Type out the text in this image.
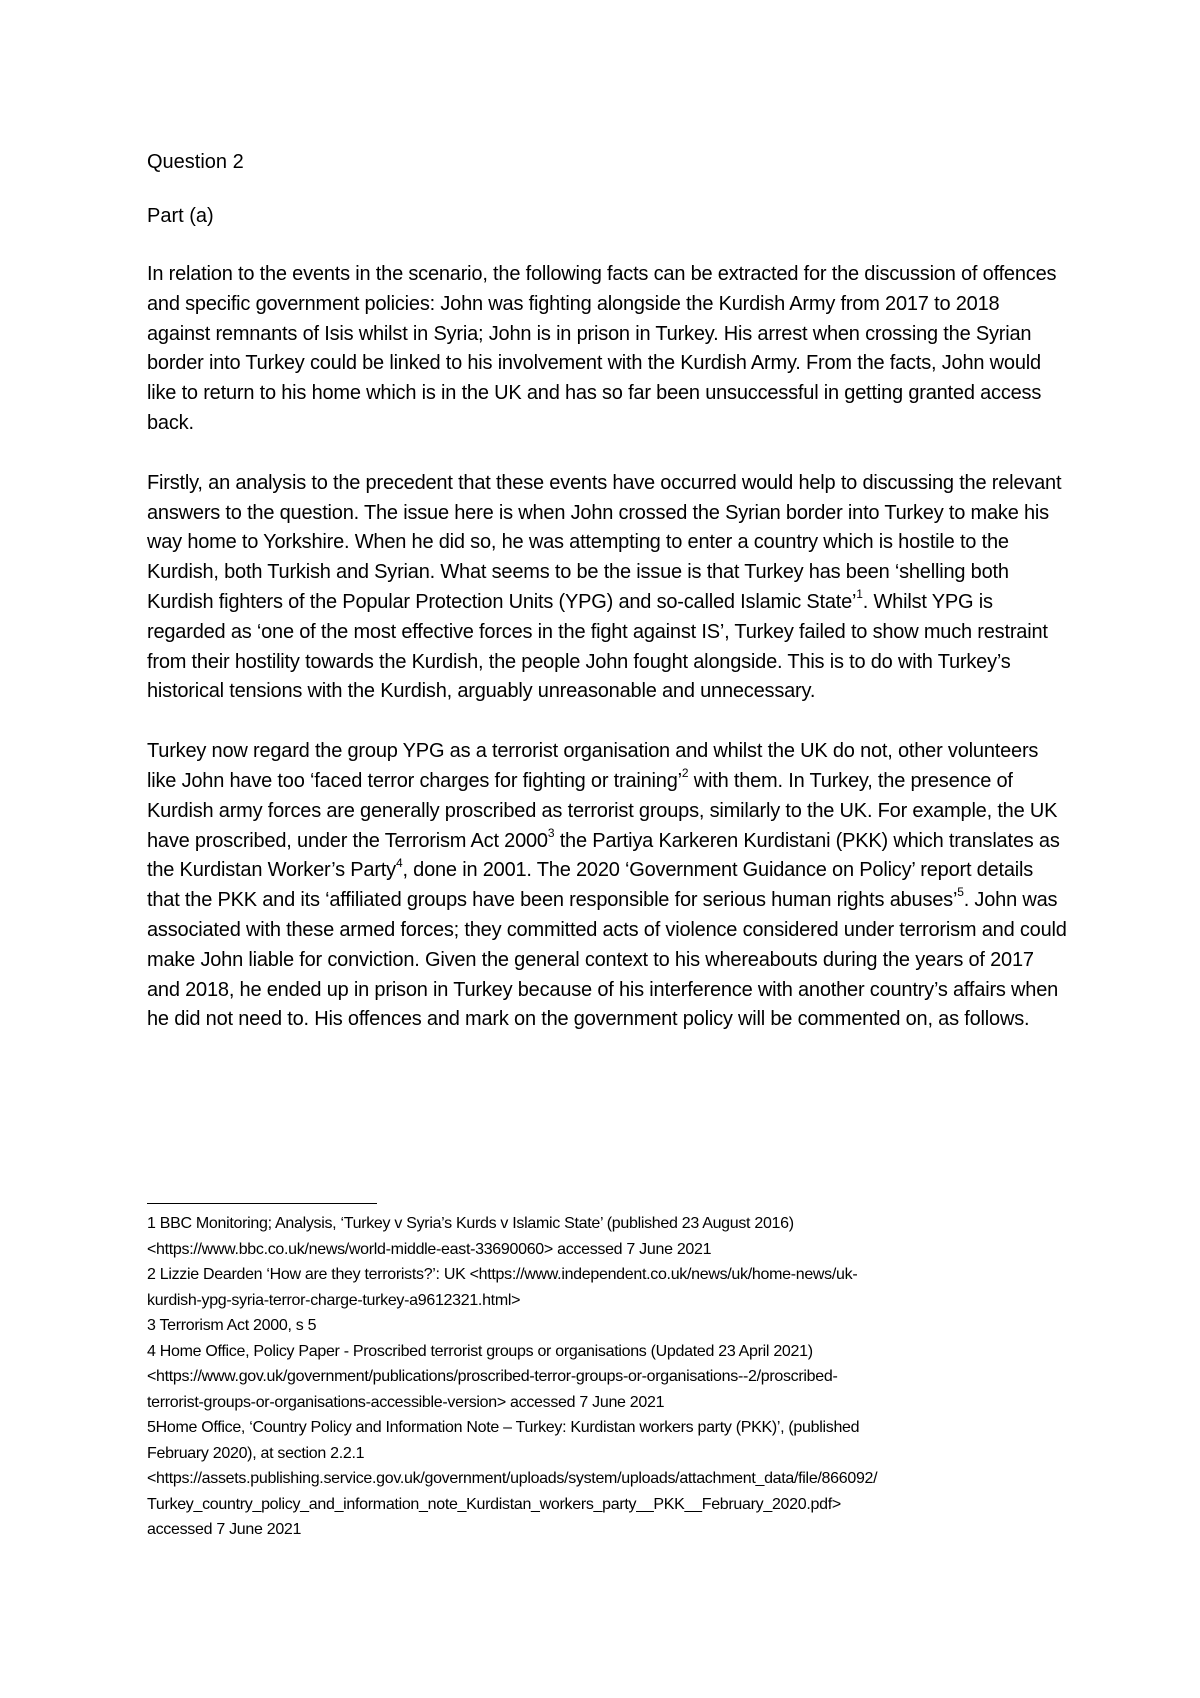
Question 2

Part (a)

In relation to the events in the scenario, the following facts can be extracted for the discussion of offences and specific government policies: John was fighting alongside the Kurdish Army from 2017 to 2018 against remnants of Isis whilst in Syria; John is in prison in Turkey. His arrest when crossing the Syrian border into Turkey could be linked to his involvement with the Kurdish Army. From the facts, John would like to return to his home which is in the UK and has so far been unsuccessful in getting granted access back.

Firstly, an analysis to the precedent that these events have occurred would help to discussing the relevant answers to the question. The issue here is when John crossed the Syrian border into Turkey to make his way home to Yorkshire. When he did so, he was attempting to enter a country which is hostile to the Kurdish, both Turkish and Syrian. What seems to be the issue is that Turkey has been ‘shelling both Kurdish fighters of the Popular Protection Units (YPG) and so-called Islamic State’$^1$. Whilst YPG is regarded as ‘one of the most effective forces in the fight against IS’, Turkey failed to show much restraint from their hostility towards the Kurdish, the people John fought alongside. This is to do with Turkey’s historical tensions with the Kurdish, arguably unreasonable and unnecessary.

Turkey now regard the group YPG as a terrorist organisation and whilst the UK do not, other volunteers like John have too ‘faced terror charges for fighting or training’$^2$ with them. In Turkey, the presence of Kurdish army forces are generally proscribed as terrorist groups, similarly to the UK. For example, the UK have proscribed, under the Terrorism Act 2000$^3$ the Partiya Karkeren Kurdistani (PKK) which translates as the Kurdistan Worker’s Party$^4$, done in 2001. The 2020 ‘Government Guidance on Policy’ report details that the PKK and its ‘affiliated groups have been responsible for serious human rights abuses’$^5$. John was associated with these armed forces; they committed acts of violence considered under terrorism and could make John liable for conviction. Given the general context to his whereabouts during the years of 2017 and 2018, he ended up in prison in Turkey because of his interference with another country’s affairs when he did not need to. His offences and mark on the government policy will be commented on, as follows.

1 BBC Monitoring; Analysis, ‘Turkey v Syria’s Kurds v Islamic State’ (published 23 August 2016)

<https://www.bbc.co.uk/news/world-middle-east-33690060> accessed 7 June 2021

2 Lizzie Dearden ‘How are they terrorists?’: UK <https://www.independent.co.uk/news/uk/home-news/uk-

kurdish-ypg-syria-terror-charge-turkey-a9612321.html>

3 Terrorism Act 2000, s 5

4 Home Office, Policy Paper - Proscribed terrorist groups or organisations (Updated 23 April 2021)

<https://www.gov.uk/government/publications/proscribed-terror-groups-or-organisations--2/proscribed-

terrorist-groups-or-organisations-accessible-version> accessed 7 June 2021

5Home Office, ‘Country Policy and Information Note – Turkey: Kurdistan workers party (PKK)’, (published

February 2020), at section 2.2.1

<https://assets.publishing.service.gov.uk/government/uploads/system/uploads/attachment_data/file/866092/

Turkey_country_policy_and_information_note_Kurdistan_workers_party__PKK__February_2020.pdf>

accessed 7 June 2021
